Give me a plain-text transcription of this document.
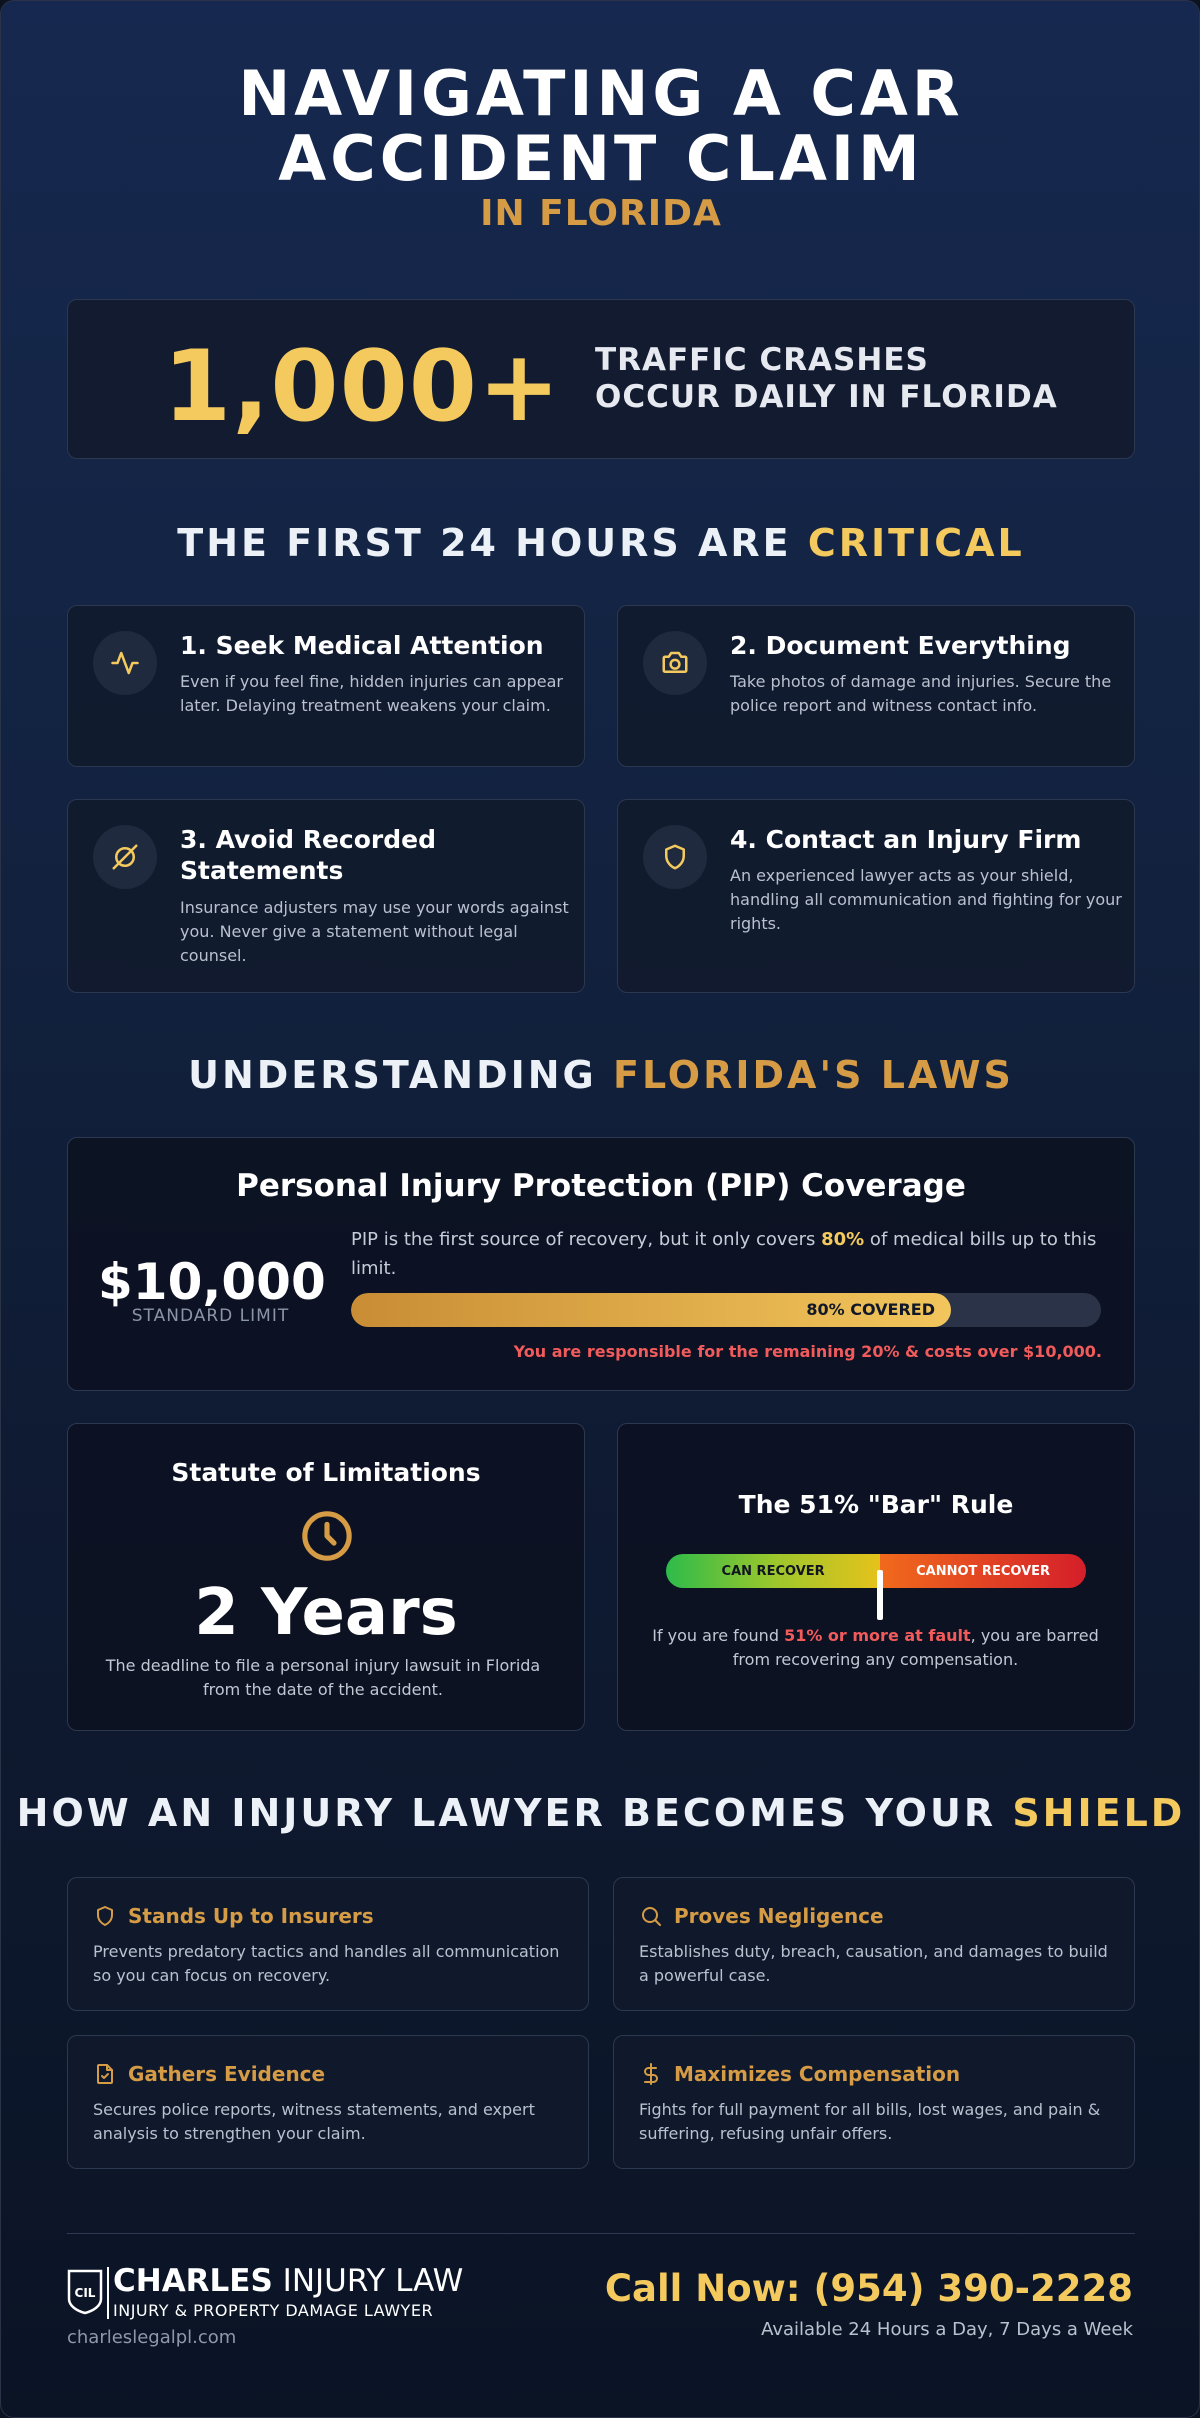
NAVIGATING A CAR
ACCIDENT CLAIM
IN FLORIDA
1,000+ TRAFFIC CRASHES
OCCUR DAILY IN FLORIDA
THE FIRST 24 HOURS ARE CRITICAL
1. Seek Medical Attention
Even if you feel fine, hidden injuries can appear later. Delaying treatment weakens your claim.
2. Document Everything
Take photos of damage and injuries. Secure the police report and witness contact info.
3. Avoid Recorded Statements
Insurance adjusters may use your words against you. Never give a statement without legal counsel.
4. Contact an Injury Firm
An experienced lawyer acts as your shield, handling all communication and fighting for your rights.
UNDERSTANDING FLORIDA'S LAWS
Personal Injury Protection (PIP) Coverage
$10,000
STANDARD LIMIT
PIP is the first source of recovery, but it only covers 80% of medical bills up to this limit.
80% COVERED
You are responsible for the remaining 20% & costs over $10,000.
Statute of Limitations
2 Years
The deadline to file a personal injury lawsuit in Florida from the date of the accident.
The 51% "Bar" Rule
CAN RECOVER	CANNOT RECOVER
If you are found 51% or more at fault, you are barred from recovering any compensation.
HOW AN INJURY LAWYER BECOMES YOUR SHIELD
Stands Up to Insurers
Prevents predatory tactics and handles all communication so you can focus on recovery.
Proves Negligence
Establishes duty, breach, causation, and damages to build a powerful case.
Gathers Evidence
Secures police reports, witness statements, and expert analysis to strengthen your claim.
Maximizes Compensation
Fights for full payment for all bills, lost wages, and pain & suffering, refusing unfair offers.
CIL CHARLES INJURY LAW
INJURY & PROPERTY DAMAGE LAWYER
charleslegalpl.com
Call Now: (954) 390-2228
Available 24 Hours a Day, 7 Days a Week
